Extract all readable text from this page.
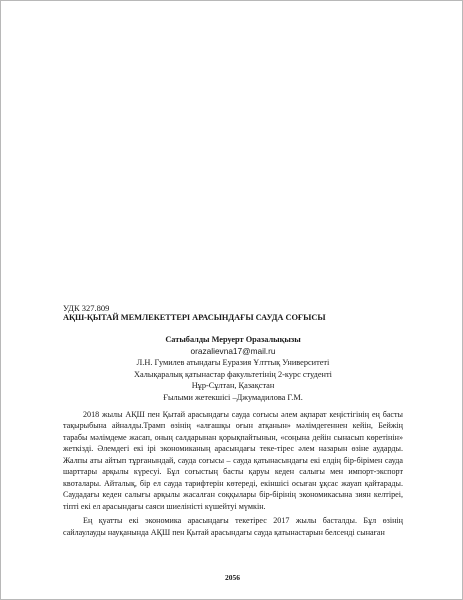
УДК 327.809
АҚШ-ҚЫТАЙ МЕМЛЕКЕТТЕРІ АРАСЫНДАҒЫ САУДА СОҒЫСЫ
Сатыбалды Меруерт Оразалықызы
orazalievna17@mail.ru
Л.Н. Гумилев атындағы Еуразия Ұлттық Университеті
Халықаралық қатынастар факультетінің 2-курс студенті
Нұр-Сұлтан, Қазақстан
Ғылыми жетекшісі –Джумадилова Г.М.

2018 жылы АҚШ пен Қытай арасындағы сауда соғысы әлем ақпарат кеңістігінің ең басты тақырыбына айналды.Трамп өзінің «алғашқы оғын атқанын» мәлімдегеннен кейін, Бейжің тарабы мәлімдеме жасап, оның салдарынан қорықпайтынын, «соңына дейін сынасып көретінін» жеткізді. Әлемдегі екі ірі экономиканың арасындағы теке-тірес әлем назарын өзіне аударды. Жалпы аты айтып тұрғанындай, сауда соғысы – сауда қатынасындағы екі елдің бір-бірімен сауда шарттары арқылы күресуі. Бұл соғыстың басты қаруы кеден салығы мен импорт-экспорт квоталары. Айталық, бір ел сауда тарифтерін көтереді, екіншісі осыған ұқсас жауап қайтарады. Саудадағы кеден салығы арқылы жасалған соққылары бір-бірінің экономикасына зиян келтіреі, тіпті екі ел арасындағы саяси шиеліністі күшейтуі мүмкін.

Ең қуатты екі экономика арасындағы текетірес 2017 жылы басталды. Бұл өзінің сайлаулауды науқанында АҚШ пен Қытай арасындағы сауда қатынастарын белсенді сынаған

2056
